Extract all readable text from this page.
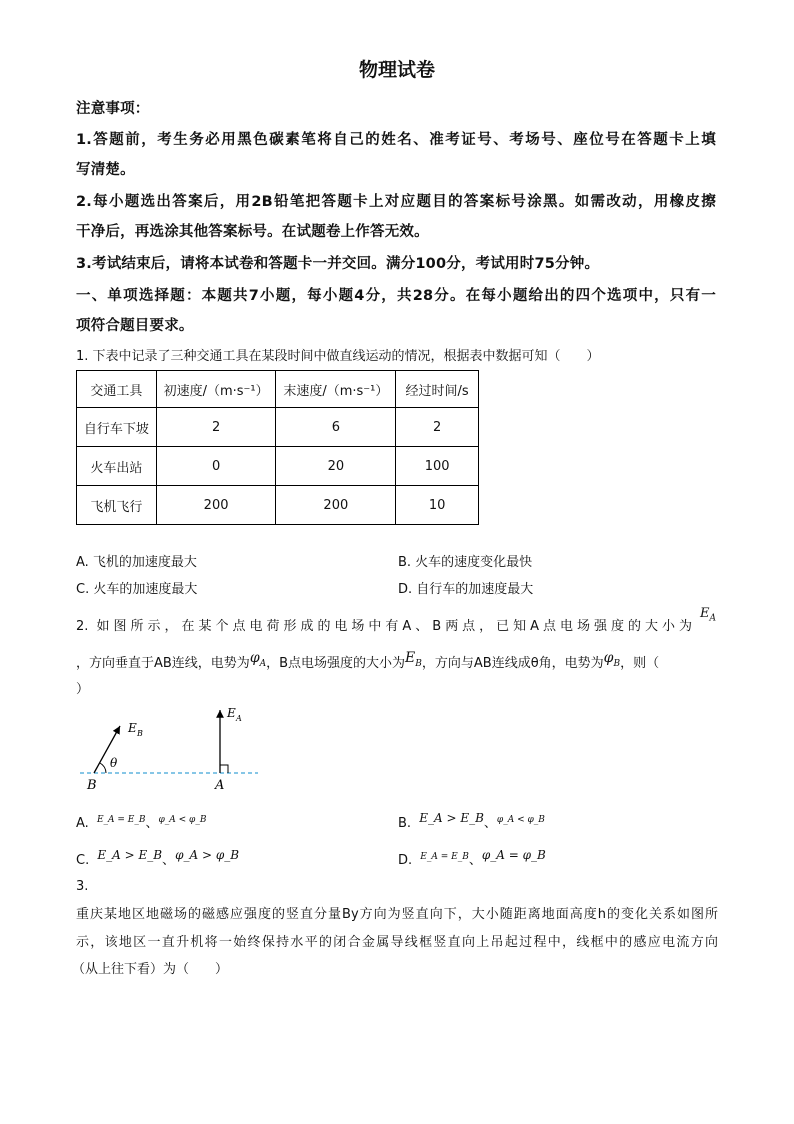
物理试卷
注意事项：
1.答题前，考生务必用黑色碳素笔将自己的姓名、准考证号、考场号、座位号在答题卡上填
写清楚。
2.每小题选出答案后，用2B铅笔把答题卡上对应题目的答案标号涂黑。如需改动，用橡皮擦
干净后，再选涂其他答案标号。在试题卷上作答无效。
3.考试结束后，请将本试卷和答题卡一并交回。满分100分，考试用时75分钟。
一、单项选择题：本题共7小题，每小题4分，共28分。在每小题给出的四个选项中，只有一
项符合题目要求。
1. 下表中记录了三种交通工具在某段时间中做直线运动的情况，根据表中数据可知（　　）
交通工具	初速度/（m·s⁻¹）	末速度/（m·s⁻¹）	经过时间/s
自行车下坡	2	6	2
火车出站	0	20	100
飞机飞行	200	200	10
A. 飞机的加速度最大	B. 火车的速度变化最快
C. 火车的加速度最大	D. 自行车的加速度最大
2. 如图所示，在某个点电荷形成的电场中有A、B两点，已知A点电场强度的大小为
$E_A$
，方向垂直于AB连线，电势为$\varphi_A$，B点电场强度的大小为$E_B$，方向与AB连线成θ角，电势为$\varphi_B$，则（
）
E B
E A
θ
B	A
A. $^{E\_A = E\_B}$、$^{\varphi\_A < \varphi\_B}$	B. E_A > E_B、$^{\varphi\_A < \varphi\_B}$
C. E_A > E_B、φ_A > φ_B	D. $^{E\_A = E\_B}$、φ_A = φ_B
3.
重庆某地区地磁场的磁感应强度的竖直分量By方向为竖直向下，大小随距离地面高度h的变化关系如图所
示，该地区一直升机将一始终保持水平的闭合金属导线框竖直向上吊起过程中，线框中的感应电流方向
（从上往下看）为（　　）
